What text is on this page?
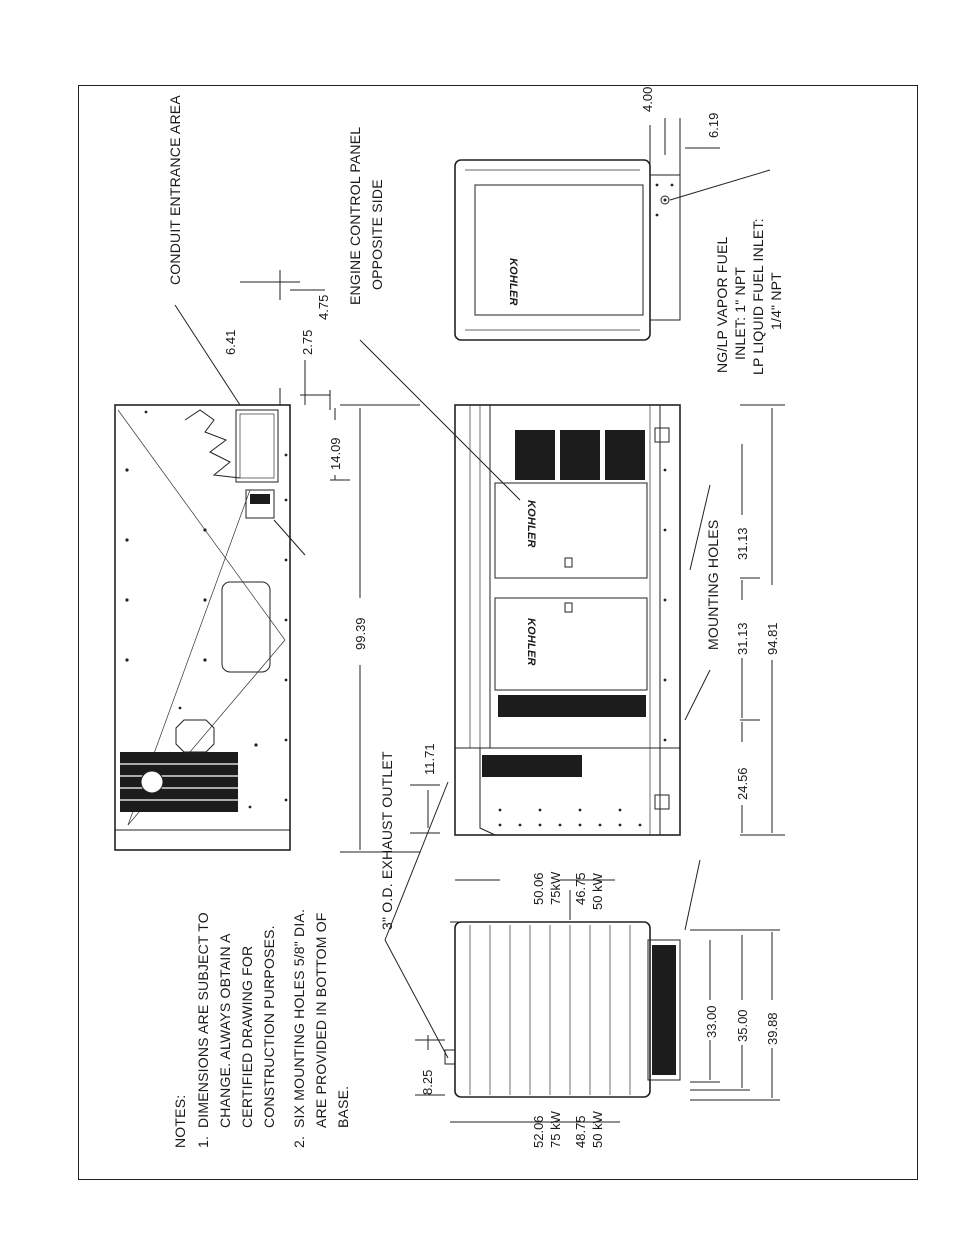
KOHLER
KOHLER
KOHLER
NOTES: 1.
DIMENSIONS ARE SUBJECT TO CHANGE. ALWAYS OBTAIN A CERTIFIED DRAWING FOR CONSTRUCTION PURPOSES.
2.
SIX MOUNTING HOLES 5/8" DIA. ARE PROVIDED IN BOTTOM OF BASE.
CONDUIT ENTRANCE AREA	ENGINE CONTROL PANEL OPPOSITE SIDE
3" O.D. EXHAUST OUTLET
MOUNTING HOLES
NG/LP VAPOR FUEL INLET: 1" NPT LP LIQUID FUEL INLET: 1/4" NPT
6.41	2.75
4.75
14.09
99.39
11.71
4.00
6.19
50.06 75kW 46.75 50 kW
52.06 75 kW 48.75 50 kW
8.25
33.00 35.00 39.88
24.56
31.13
31.13
94.81
